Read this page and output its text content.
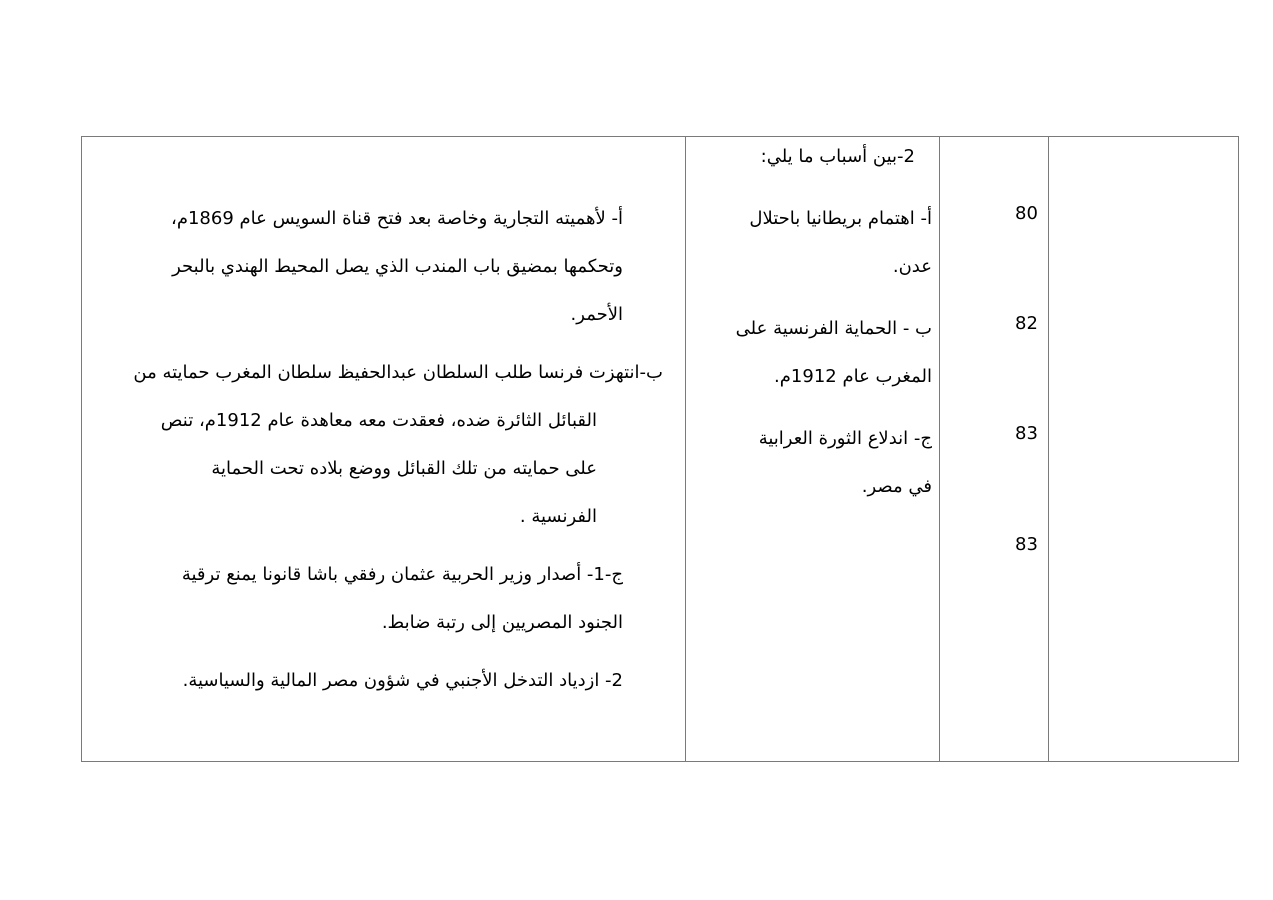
2-بين أسباب ما يلي:
أ- اهتمام بريطانيا باحتلال
عدن.
ب - الحماية الفرنسية على
المغرب عام 1912م.
ج- اندلاع الثورة العرابية
في مصر.
80
82
83
83
أ- لأهميته التجارية وخاصة بعد فتح قناة السويس عام 1869م،
وتحكمها بمضيق باب المندب الذي يصل المحيط الهندي بالبحر
الأحمر.
ب-انتهزت فرنسا طلب السلطان عبدالحفيظ سلطان المغرب حمايته من
القبائل الثائرة ضده، فعقدت معه معاهدة عام 1912م، تنص
على حمايته من تلك القبائل ووضع بلاده تحت الحماية
الفرنسية .
ج-1- أصدار وزير الحربية عثمان رفقي باشا قانونا يمنع ترقية
الجنود المصريين إلى رتبة ضابط.
2- ازدياد التدخل الأجنبي في شؤون مصر المالية والسياسية.
